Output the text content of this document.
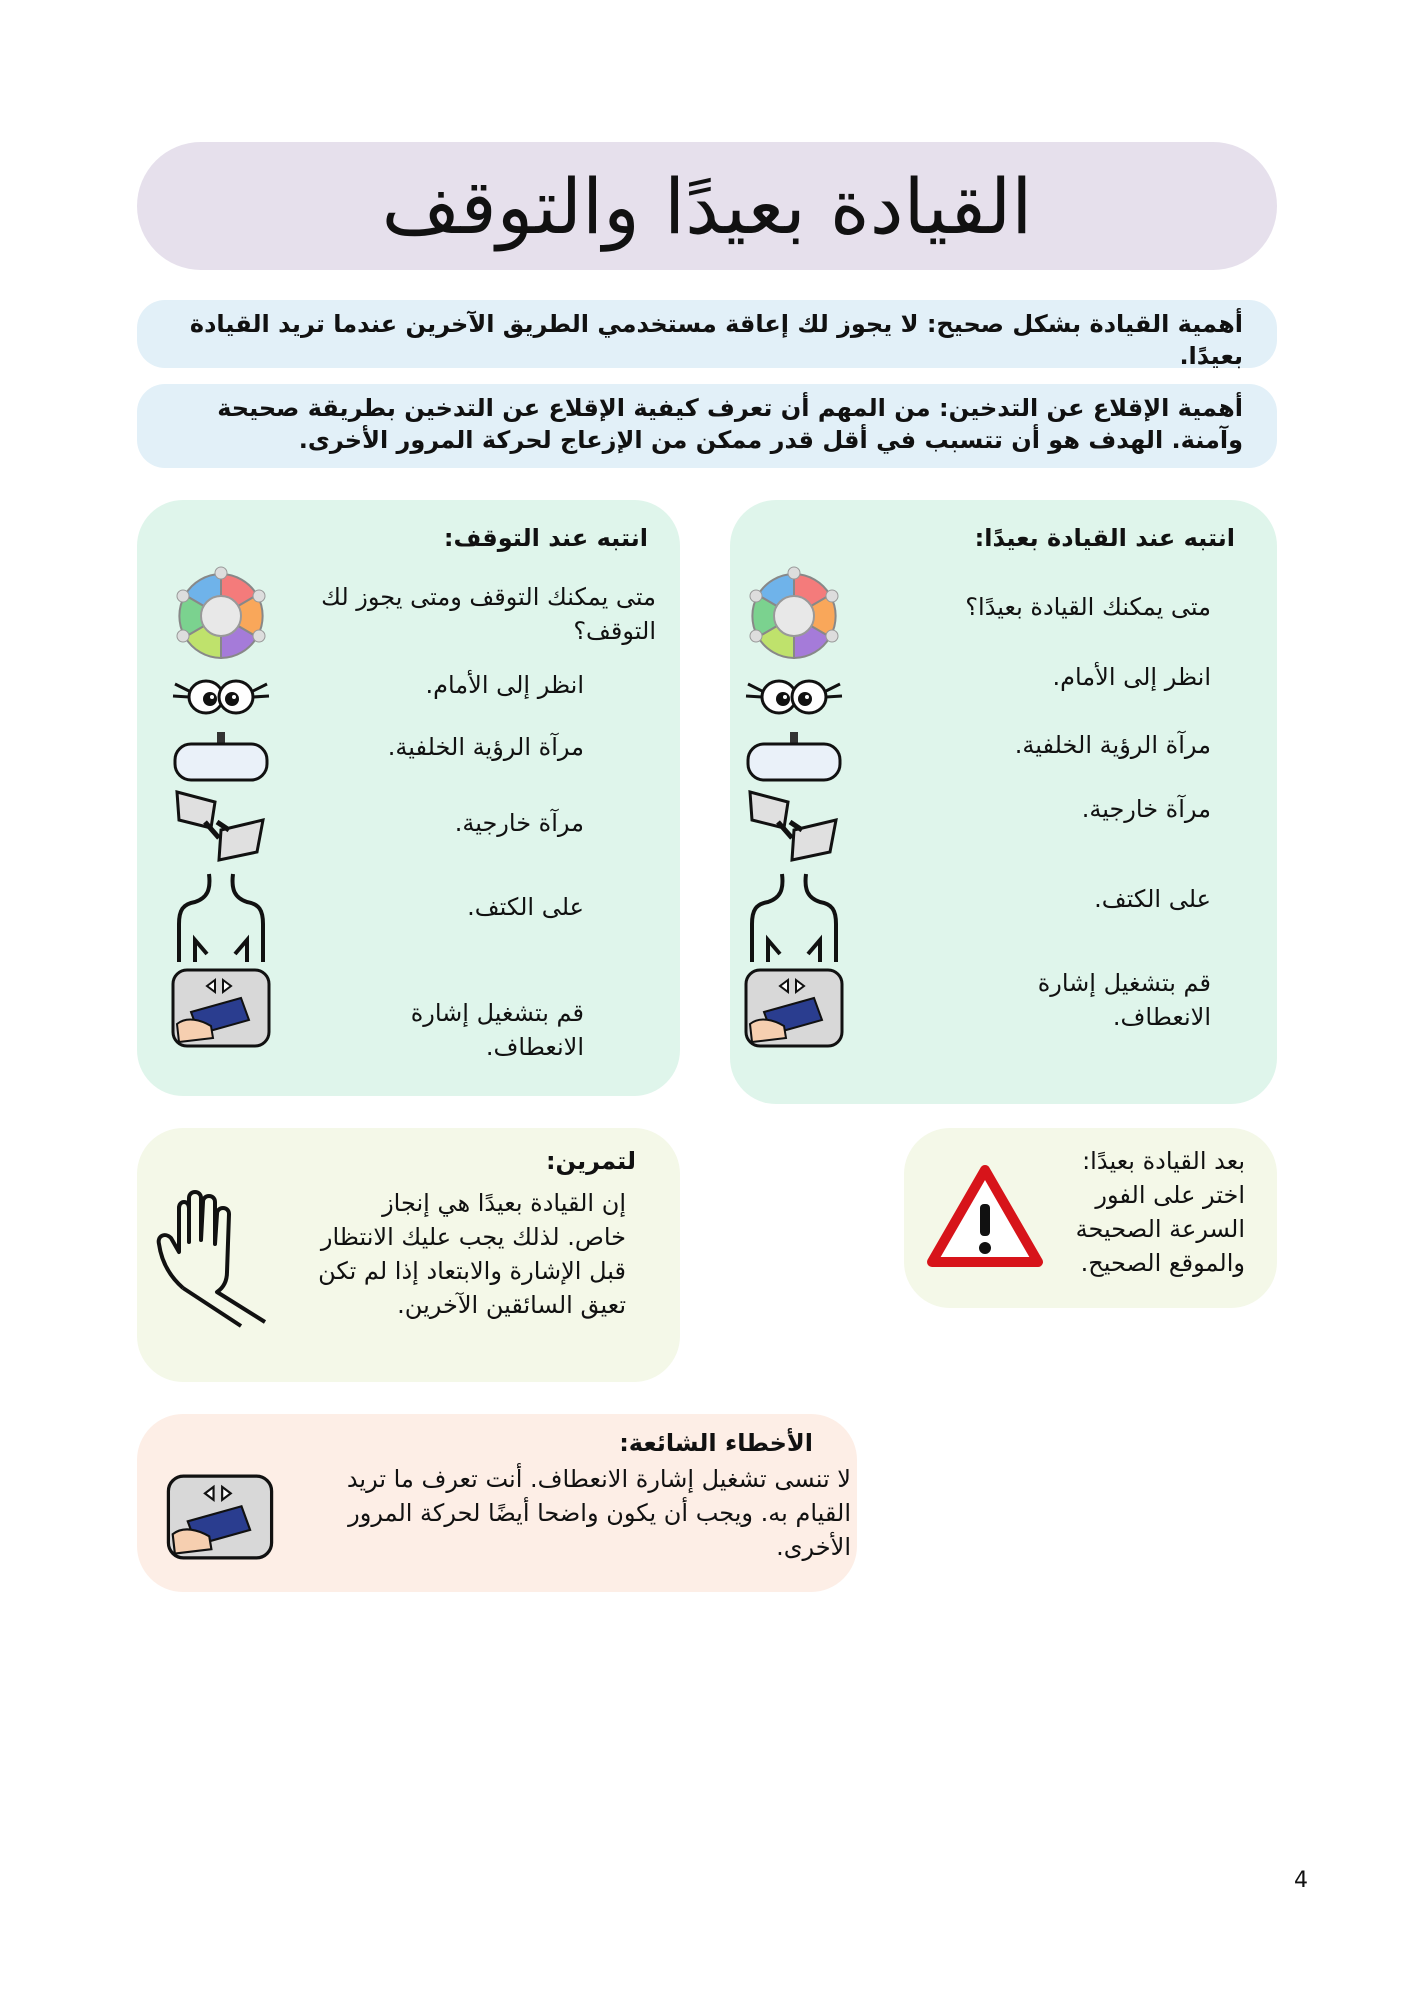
القيادة بعيدًا والتوقف
أهمية القيادة بشكل صحيح: لا يجوز لك إعاقة مستخدمي الطريق الآخرين عندما تريد القيادة بعيدًا.
أهمية الإقلاع عن التدخين: من المهم أن تعرف كيفية الإقلاع عن التدخين بطريقة صحيحة وآمنة. الهدف هو أن تتسبب في أقل قدر ممكن من الإزعاج لحركة المرور الأخرى.
انتبه عند القيادة بعيدًا:
متى يمكنك القيادة بعيدًا؟
انظر إلى الأمام.
مرآة الرؤية الخلفية.
مرآة خارجية.
على الكتف.
قم بتشغيل إشارة الانعطاف.
انتبه عند التوقف:
متى يمكنك التوقف ومتى يجوز لك التوقف؟
انظر إلى الأمام.
مرآة الرؤية الخلفية.
مرآة خارجية.
على الكتف.
قم بتشغيل إشارة الانعطاف.
لتمرين:
إن القيادة بعيدًا هي إنجاز خاص. لذلك يجب عليك الانتظار قبل الإشارة والابتعاد إذا لم تكن تعيق السائقين الآخرين.
بعد القيادة بعيدًا: اختر على الفور السرعة الصحيحة والموقع الصحيح.
الأخطاء الشائعة:
لا تنسى تشغيل إشارة الانعطاف. أنت تعرف ما تريد القيام به. ويجب أن يكون واضحا أيضًا لحركة المرور الأخرى.
4
